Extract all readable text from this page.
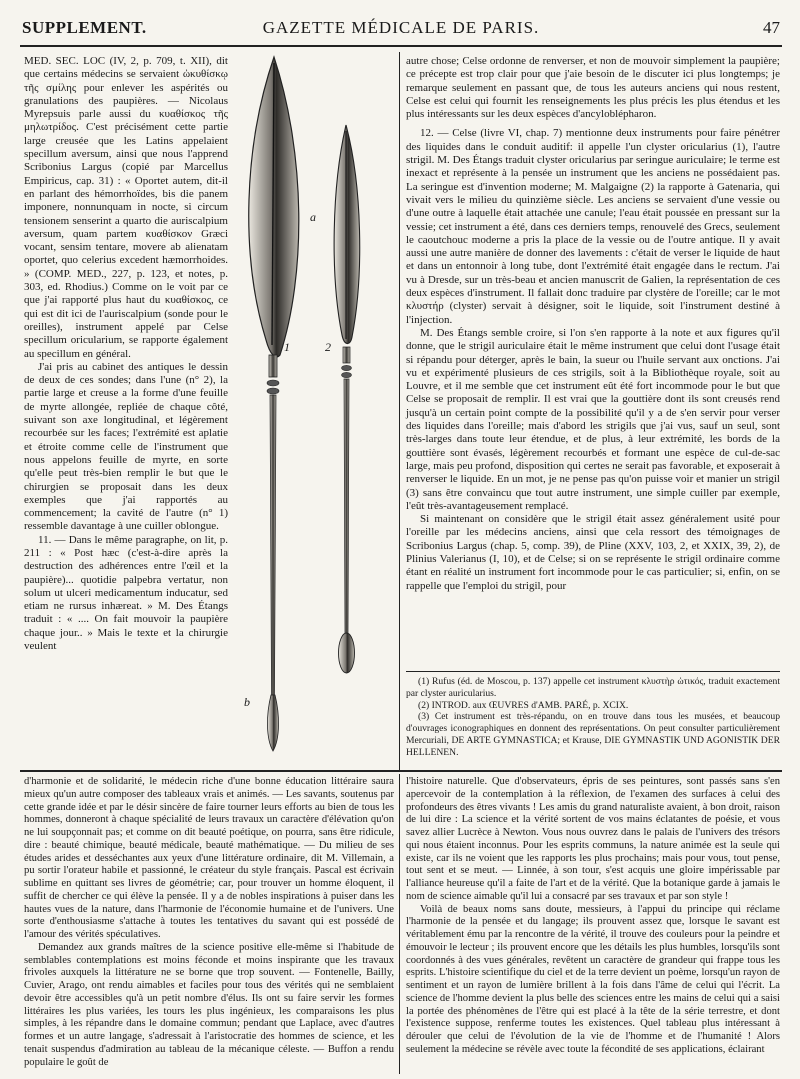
SUPPLEMENT.	GAZETTE MÉDICALE DE PARIS.	47

MED. SEC. LOC (IV, 2, p. 709, t. XII), dit que certains médecins se servaient ὠκυθίσκῳ τῆς σμίλης pour enlever les aspérités ou granulations des paupières. — Nicolaus Myrepsuis parle aussi du κυαθίσκος τῆς μηλωτρίδος. C'est précisément cette partie large creusée que les Latins appelaient specillum aversum, ainsi que nous l'apprend Scribonius Largus (copié par Marcellus Empiricus, cap. 31) : « Oportet autem, dit-il en parlant des hémorrhoïdes, bis die panem imponere, nonnunquam in nocte, si circum tensionem senserint a quarto die auriscalpium aversum, quam partem κυαθίσκον Græci vocant, sensim tentare, movere ab alienatam oportet, quo celerius excedent hæmorrhoides. » (COMP. MED., 227, p. 123, et notes, p. 303, ed. Rhodius.) Comme on le voit par ce que j'ai rapporté plus haut du κυαθίσκος, ce qui est dit ici de l'auriscalpium (sonde pour le oreilles), instrument appelé par Celse specillum oricularium, se rapporte également au specillum en général.

J'ai pris au cabinet des antiques le dessin de deux de ces sondes; dans l'une (n° 2), la partie large et creuse a la forme d'une feuille de myrte allongée, repliée de chaque côté, suivant son axe longitudinal, et légèrement recourbée sur les faces; l'extrémité est aplatie et étroite comme celle de l'instrument que nous appelons feuille de myrte, en sorte qu'elle peut très-bien remplir le but que le chirurgien se proposait dans les deux exemples que j'ai rapportés au commencement; la cavité de l'autre (n° 1) ressemble davantage à une cuiller oblongue.

11. — Dans le même paragraphe, on lit, p. 211 : « Post hæc (c'est-à-dire après la destruction des adhérences entre l'œil et la paupière)... quotidie palpebra vertatur, non solum ut ulceri medicamentum inducatur, sed etiam ne rursus inhæreat. » M. Des Étangs traduit : « .... On fait mouvoir la paupière chaque jour.. » Mais le texte et la chirurgie veulent

a
1	2
b

autre chose; Celse ordonne de renverser, et non de mouvoir simplement la paupière; ce précepte est trop clair pour que j'aie besoin de le discuter ici plus longtemps; je remarque seulement en passant que, de tous les auteurs anciens qui nous restent, Celse est celui qui fournit les renseignements les plus précis les plus étendus et les plus intéressants sur les deux espèces d'ancyloblépharon.

12. — Celse (livre VI, chap. 7) mentionne deux instruments pour faire pénétrer des liquides dans le conduit auditif: il appelle l'un clyster oricularius (1), l'autre strigil. M. Des Étangs traduit clyster oricularius par seringue auriculaire; le terme est inexact et représente à la pensée un instrument que les anciens ne possédaient pas. La seringue est d'invention moderne; M. Malgaigne (2) la rapporte à Gatenaria, qui vivait vers le milieu du quinzième siècle. Les anciens se servaient d'une vessie ou d'une outre à laquelle était attachée une canule; l'eau était poussée en pressant sur la vessie; cet instrument a été, dans ces derniers temps, renouvelé des Grecs, seulement le caoutchouc moderne a pris la place de la vessie ou de l'outre antique. Il y avait aussi une autre manière de donner des lavements : c'était de verser le liquide de haut et dans un entonnoir à long tube, dont l'extrémité était engagée dans le rectum. J'ai vu à Dresde, sur un très-beau et ancien manuscrit de Galien, la représentation de ces deux espèces d'instrument. Il fallait donc traduire par clystère de l'oreille; car le mot κλυστήρ (clyster) servait à désigner, soit le liquide, soit l'instrument destiné à l'injection.

M. Des Étangs semble croire, si l'on s'en rapporte à la note et aux figures qu'il donne, que le strigil auriculaire était le même instrument que celui dont l'usage était si répandu pour déterger, après le bain, la sueur ou l'huile servant aux onctions. J'ai vu et expérimenté plusieurs de ces strigils, soit à la Bibliothèque royale, soit au Louvre, et il me semble que cet instrument eût été fort incommode pour le but que Celse se proposait de remplir. Il est vrai que la gouttière dont ils sont creusés rend jusqu'à un certain point compte de la possibilité qu'il y a de s'en servir pour verser des liquides dans l'oreille; mais d'abord les strigils que j'ai vus, sauf un seul, sont très-larges dans toute leur étendue, et de plus, à leur extrémité, les bords de la gouttière sont évasés, légèrement recourbés et formant une espèce de cul-de-sac large, mais peu profond, disposition qui certes ne serait pas favorable, et exposerait à renverser le liquide. En un mot, je ne pense pas qu'on puisse voir et manier un strigil (3) sans être convaincu que tout autre instrument, une simple cuiller par exemple, l'eût très-avantageusement remplacé.

Si maintenant on considère que le strigil était assez généralement usité pour l'oreille par les médecins anciens, ainsi que cela ressort des témoignages de Scribonius Largus (chap. 5, comp. 39), de Pline (XXV, 103, 2, et XXIX, 39, 2), de Plinius Valerianus (I, 10), et de Celse; si on se représente le strigil ordinaire comme étant en réalité un instrument fort incommode pour le cas particulier; si, enfin, on se rappelle que l'emploi du strigil, pour

(1) Rufus (éd. de Moscou, p. 137) appelle cet instrument κλυστὴρ ὠτικός, traduit exactement par clyster auricularius.

(2) INTROD. aux ŒUVRES d'AMB. PARÉ, p. XCIX.

(3) Cet instrument est très-répandu, on en trouve dans tous les musées, et beaucoup d'ouvrages iconographiques en donnent des représentations. On peut consulter particulièrement Mercuriali, DE ARTE GYMNASTICA; et Krause, DIE GYMNASTIK UND AGONISTIK DER HELLENEN.

d'harmonie et de solidarité, le médecin riche d'une bonne éducation littéraire saura mieux qu'un autre composer des tableaux vrais et animés. — Les savants, soutenus par cette grande idée et par le désir sincère de faire tourner leurs efforts au bien de tous les hommes, donneront à chaque spécialité de leurs travaux un caractère d'élévation qu'on ne lui soupçonnait pas; et comme on dit beauté poétique, on pourra, sans être ridicule, dire : beauté chimique, beauté médicale, beauté mathématique. — Du milieu de ses études arides et desséchantes aux yeux d'une littérature ordinaire, dit M. Villemain, a pu sortir l'orateur habile et passionné, le créateur du style français. Pascal est écrivain sublime en quittant ses livres de géométrie; car, pour trouver un homme éloquent, il suffit de chercher ce qui élève la pensée. Il y a de nobles inspirations à puiser dans les hautes vues de la nature, dans l'harmonie de l'économie humaine et de l'univers. Une sorte d'enthousiasme s'attache à toutes les tentatives du savant qui est possédé de l'amour des vérités spéculatives.

Demandez aux grands maîtres de la science positive elle-même si l'habitude de semblables contemplations est moins féconde et moins inspirante que les travaux frivoles auxquels la littérature ne se borne que trop souvent. — Fontenelle, Bailly, Cuvier, Arago, ont rendu aimables et faciles pour tous des vérités qui ne semblaient devoir être accessibles qu'à un petit nombre d'élus. Ils ont su faire servir les formes littéraires les plus variées, les tours les plus ingénieux, les comparaisons les plus simples, à les répandre dans le domaine commun; pendant que Laplace, avec d'autres formes et un autre langage, s'adressait à l'aristocratie des hommes de science, et les tenait suspendus d'admiration au tableau de la mécanique céleste. — Buffon a rendu populaire le goût de

l'histoire naturelle. Que d'observateurs, épris de ses peintures, sont passés sans s'en apercevoir de la contemplation à la réflexion, de l'examen des surfaces à celui des profondeurs des êtres vivants ! Les amis du grand naturaliste avaient, à bon droit, raison de lui dire : La science et la vérité sortent de vos mains éclatantes de poésie, et vous savez allier Lucrèce à Newton. Vous nous ouvrez dans le palais de l'univers des trésors qui nous étaient inconnus. Pour les esprits communs, la nature animée est la seule qui existe, car ils ne voient que les rapports les plus prochains; mais pour vous, tout pense, tout sent et se meut. — Linnée, à son tour, s'est acquis une gloire impérissable par l'alliance heureuse qu'il a faite de l'art et de la vérité. Que la botanique garde à jamais le nom de science aimable qu'il lui a consacré par ses travaux et par son style !

Voilà de beaux noms sans doute, messieurs, à l'appui du principe qui réclame l'harmonie de la pensée et du langage; ils prouvent assez que, lorsque le savant est véritablement ému par la rencontre de la vérité, il trouve des couleurs pour la peindre et émouvoir le lecteur ; ils prouvent encore que les détails les plus humbles, lorsqu'ils sont coordonnés à des vues générales, revêtent un caractère de grandeur qui frappe tous les esprits. L'histoire scientifique du ciel et de la terre devient un poème, lorsqu'un rayon de sentiment et un rayon de lumière brillent à la fois dans l'âme de celui qui l'écrit. La science de l'homme devient la plus belle des sciences entre les mains de celui qui a saisi la portée des phénomènes de l'être qui est placé à la tête de la série terrestre, et dont l'existence suppose, renferme toutes les existences. Quel tableau plus intéressant à dérouler que celui de l'évolution de la vie de l'homme et de l'humanité ! Alors seulement la médecine se révèle avec toute la fécondité de ses applications, éclairant
